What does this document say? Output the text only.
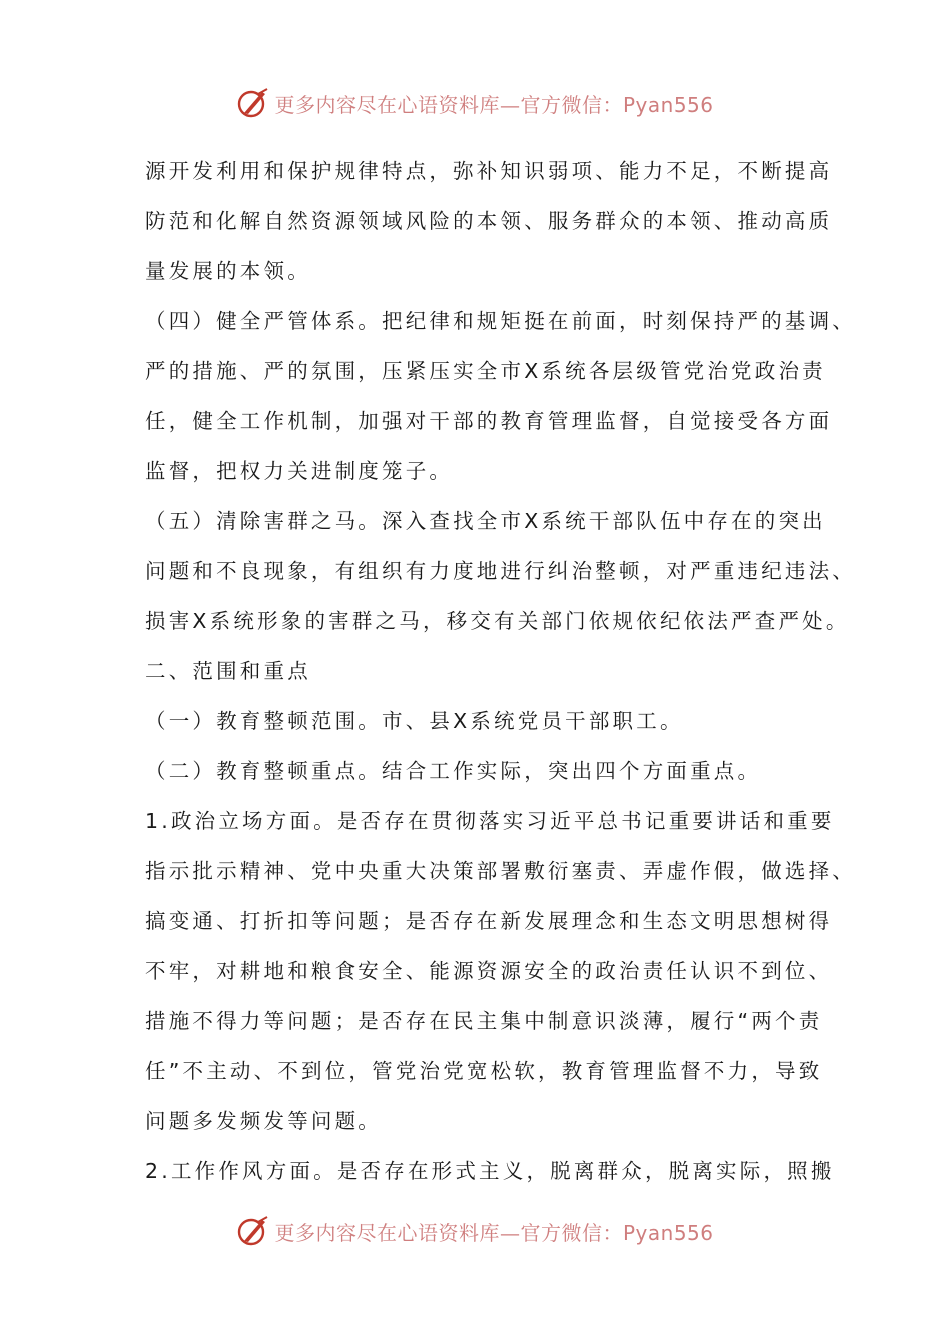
更多内容尽在心语资料库—官方微信：Pyan556
源开发利用和保护规律特点，弥补知识弱项、能力不足，不断提高
防范和化解自然资源领域风险的本领、服务群众的本领、推动高质
量发展的本领。
（四）健全严管体系。把纪律和规矩挺在前面，时刻保持严的基调、
严的措施、严的氛围，压紧压实全市X系统各层级管党治党政治责
任，健全工作机制，加强对干部的教育管理监督，自觉接受各方面
监督，把权力关进制度笼子。
（五）清除害群之马。深入查找全市X系统干部队伍中存在的突出
问题和不良现象，有组织有力度地进行纠治整顿，对严重违纪违法、
损害X系统形象的害群之马，移交有关部门依规依纪依法严查严处。
二、范围和重点
（一）教育整顿范围。市、县X系统党员干部职工。
（二）教育整顿重点。结合工作实际，突出四个方面重点。
1.政治立场方面。是否存在贯彻落实习近平总书记重要讲话和重要
指示批示精神、党中央重大决策部署敷衍塞责、弄虚作假，做选择、
搞变通、打折扣等问题；是否存在新发展理念和生态文明思想树得
不牢，对耕地和粮食安全、能源资源安全的政治责任认识不到位、
措施不得力等问题；是否存在民主集中制意识淡薄，履行“两个责
任”不主动、不到位，管党治党宽松软，教育管理监督不力，导致
问题多发频发等问题。
2.工作作风方面。是否存在形式主义，脱离群众，脱离实际，照搬
更多内容尽在心语资料库—官方微信：Pyan556
